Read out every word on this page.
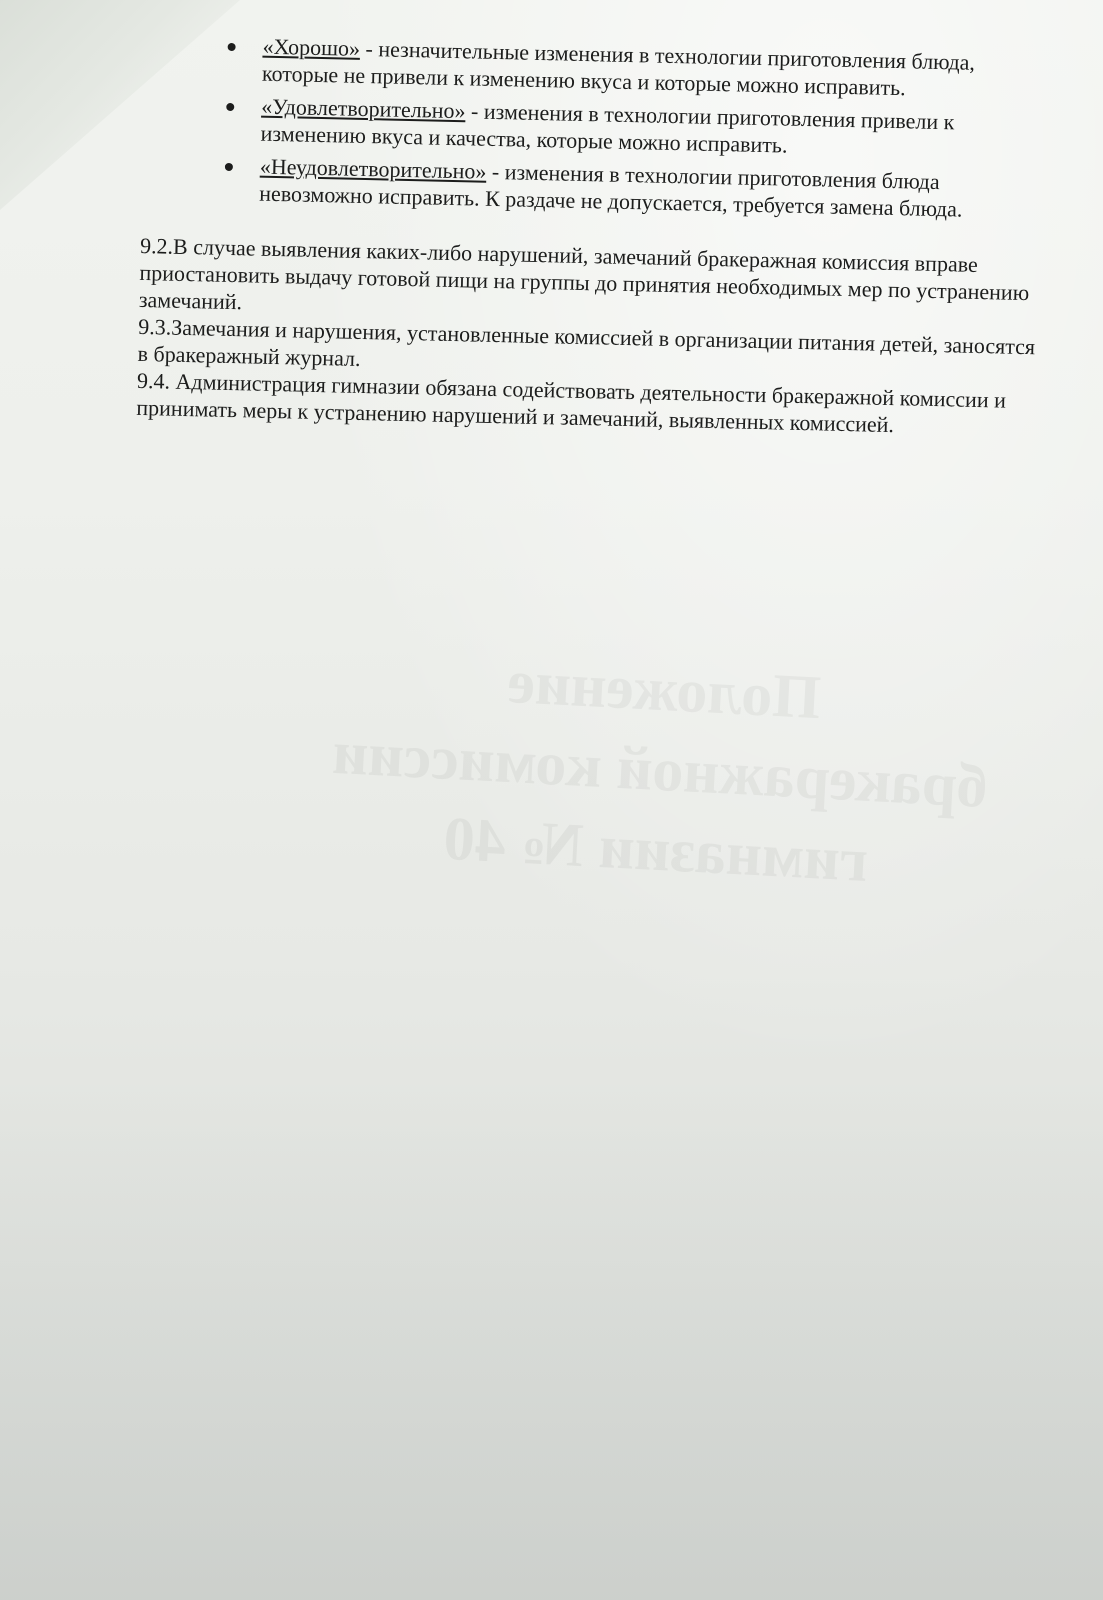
Положение
бракеражной комиссии
гимназии № 40
«Хорошо» - незначительные изменения в технологии приготовления блюда, которые не привели к изменению вкуса и которые можно исправить.
«Удовлетворительно» - изменения в технологии приготовления привели к изменению вкуса и качества, которые можно исправить.
«Неудовлетворительно» - изменения в технологии приготовления блюда невозможно исправить. К раздаче не допускается, требуется замена блюда.

9.2.В случае выявления каких-либо нарушений, замечаний бракеражная комиссия вправе приостановить выдачу готовой пищи на группы до принятия необходимых мер по устранению замечаний.

9.3.Замечания и нарушения, установленные комиссией в организации питания детей, заносятся в бракеражный журнал.

9.4. Администрация гимназии обязана содействовать деятельности бракеражной комиссии и принимать меры к устранению нарушений и замечаний, выявленных комиссией.
